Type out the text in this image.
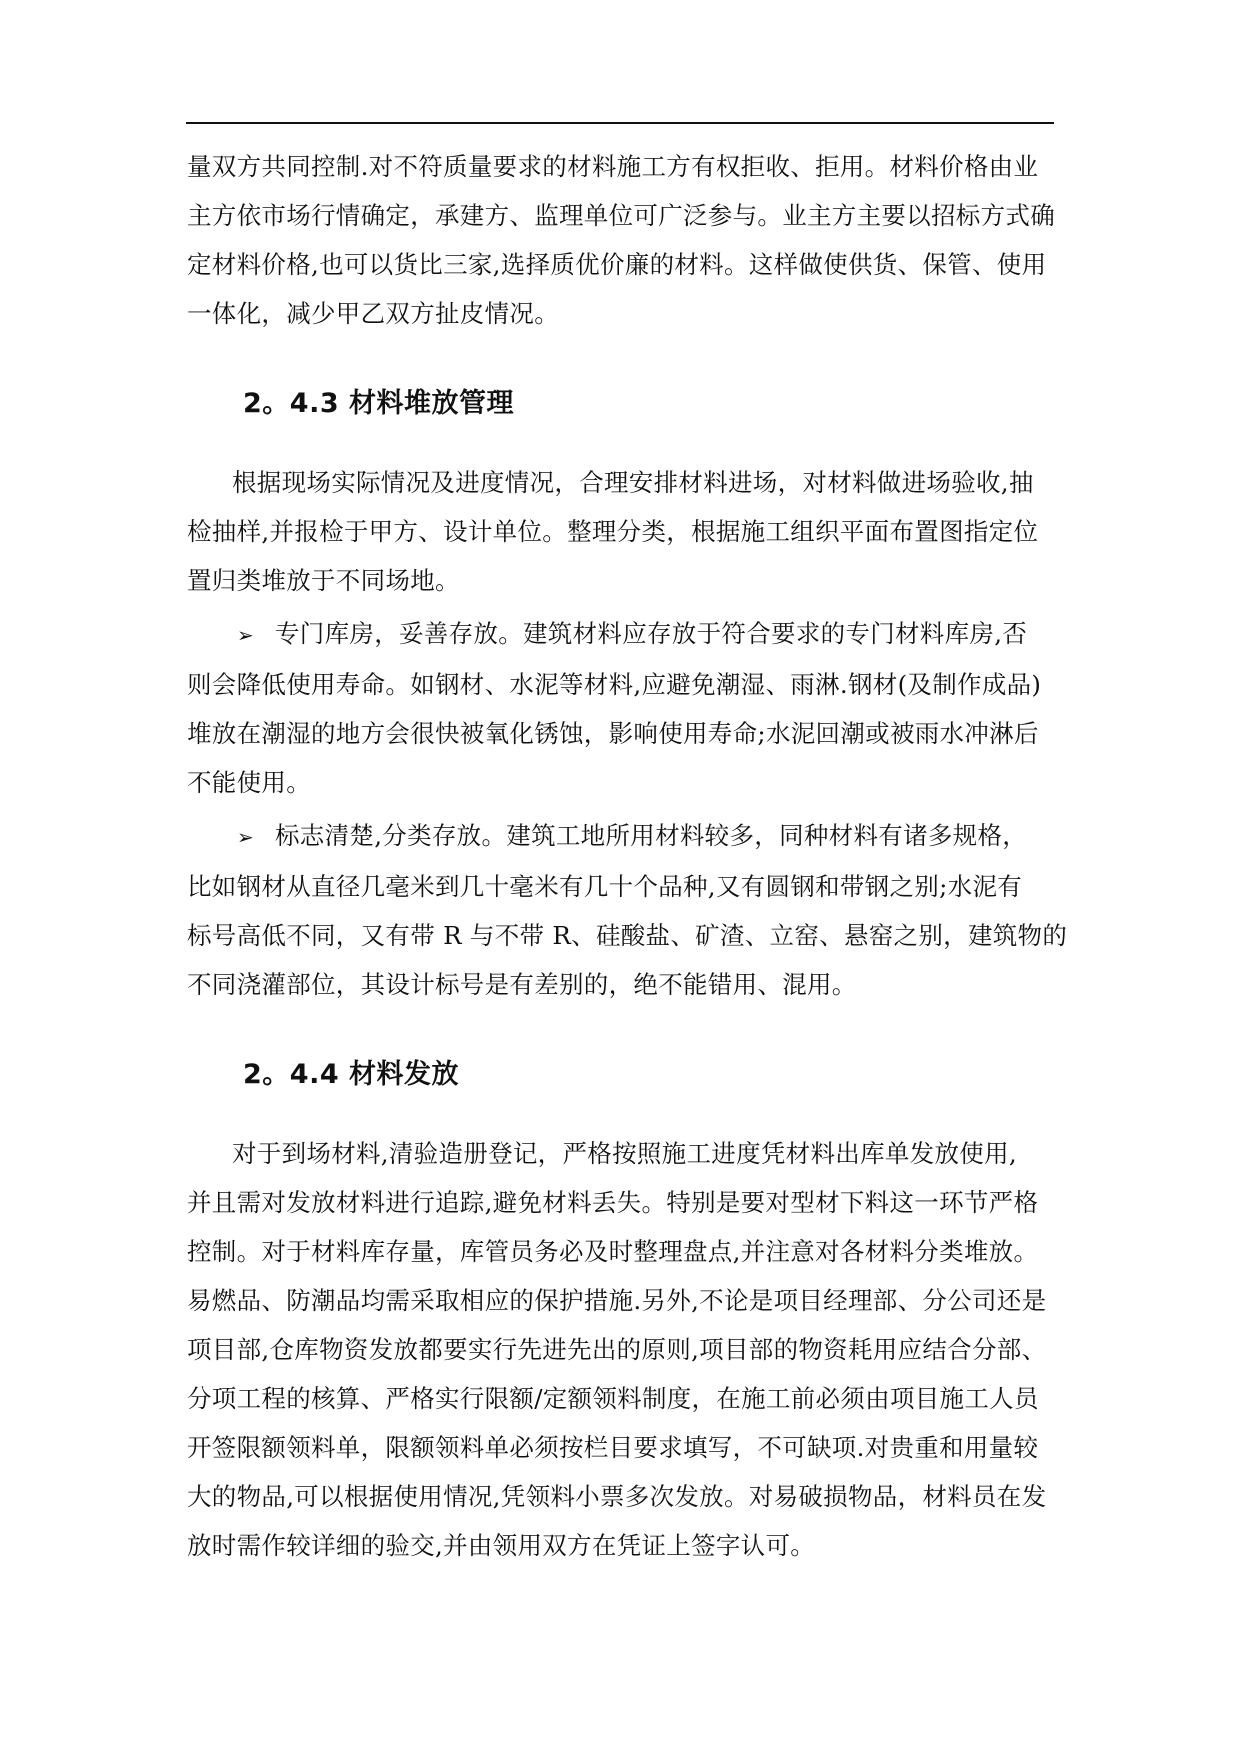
量双方共同控制.对不符质量要求的材料施工方有权拒收、拒用。材料价格由业
主方依市场行情确定，承建方、监理单位可广泛参与。业主方主要以招标方式确
定材料价格,也可以货比三家,选择质优价廉的材料。这样做使供货、保管、使用
一体化，减少甲乙双方扯皮情况。

2。4.3 材料堆放管理

根据现场实际情况及进度情况，合理安排材料进场，对材料做进场验收,抽
检抽样,并报检于甲方、设计单位。整理分类，根据施工组织平面布置图指定位
置归类堆放于不同场地。

➢ 专门库房，妥善存放。建筑材料应存放于符合要求的专门材料库房,否
则会降低使用寿命。如钢材、水泥等材料,应避免潮湿、雨淋.钢材(及制作成品)
堆放在潮湿的地方会很快被氧化锈蚀，影响使用寿命;水泥回潮或被雨水冲淋后
不能使用。

➢ 标志清楚,分类存放。建筑工地所用材料较多，同种材料有诸多规格，
比如钢材从直径几毫米到几十毫米有几十个品种,又有圆钢和带钢之别;水泥有
标号高低不同，又有带 R 与不带 R、硅酸盐、矿渣、立窑、悬窑之别，建筑物的
不同浇灌部位，其设计标号是有差别的，绝不能错用、混用。

2。4.4 材料发放

对于到场材料,清验造册登记，严格按照施工进度凭材料出库单发放使用,
并且需对发放材料进行追踪,避免材料丢失。特别是要对型材下料这一环节严格
控制。对于材料库存量，库管员务必及时整理盘点,并注意对各材料分类堆放。
易燃品、防潮品均需采取相应的保护措施.另外,不论是项目经理部、分公司还是
项目部,仓库物资发放都要实行先进先出的原则,项目部的物资耗用应结合分部、
分项工程的核算、严格实行限额/定额领料制度，在施工前必须由项目施工人员
开签限额领料单，限额领料单必须按栏目要求填写，不可缺项.对贵重和用量较
大的物品,可以根据使用情况,凭领料小票多次发放。对易破损物品，材料员在发
放时需作较详细的验交,并由领用双方在凭证上签字认可。
